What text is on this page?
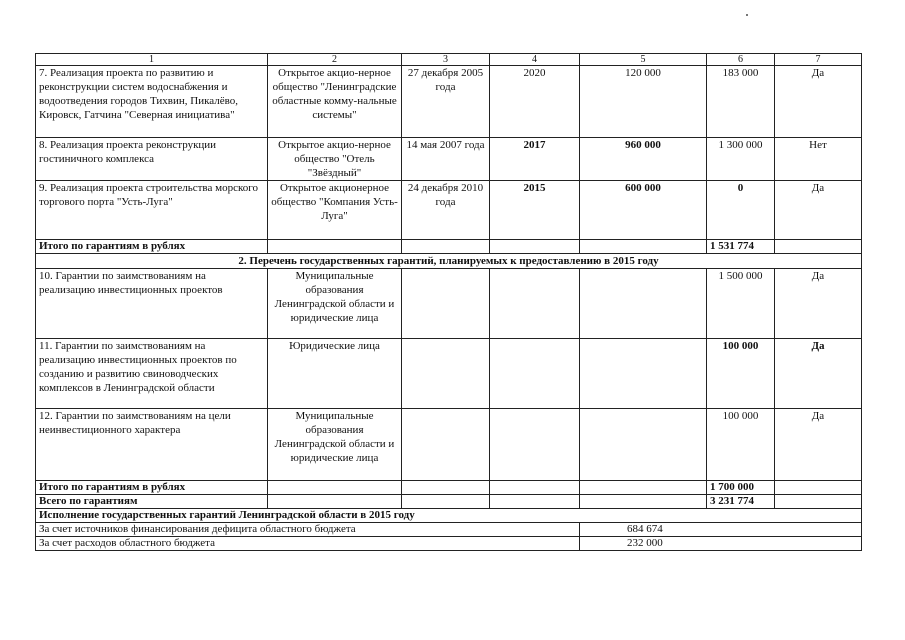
1	2	3	4	5	6	7
7. Реализация проекта по развитию и реконструкции систем водоснабжения и водоотведения городов Тихвин, Пикалёво, Кировск, Гатчина "Северная инициатива"	Открытое акцио-нерное общество "Ленинградские областные комму-нальные системы"	27 декабря 2005 года	2020	120 000	183 000	Да
8. Реализация проекта реконструкции гостиничного комплекса	Открытое акцио-нерное общество "Отель "Звёздный"	14 мая 2007 года	2017	960 000	1 300 000	Нет
9. Реализация проекта строительства морского торгового порта "Усть-Луга"	Открытое акционерное общество "Компания Усть-Луга"	24 декабря 2010 года	2015	600 000	0	Да
Итого по гарантиям в рублях					1 531 774	
2. Перечень государственных гарантий, планируемых к предоставлению в 2015 году						
10. Гарантии по заимствованиям на реализацию инвестиционных проектов	Муниципальные образования Ленинградской области и юридические лица				1 500 000	Да
11. Гарантии по заимствованиям на реализацию инвестиционных проектов по созданию и развитию свиноводческих комплексов в Ленинградской области	Юридические лица				100 000	Да
12. Гарантии по заимствованиям на цели неинвестиционного характера	Муниципальные образования Ленинградской области и юридические лица				100 000	Да
Итого по гарантиям в рублях					1 700 000	
Всего по гарантиям					3 231 774	
Исполнение государственных гарантий Ленинградской области в 2015 году						
За счет источников финансирования дефицита областного бюджета				684 674		
За счет расходов областного бюджета				232 000		
